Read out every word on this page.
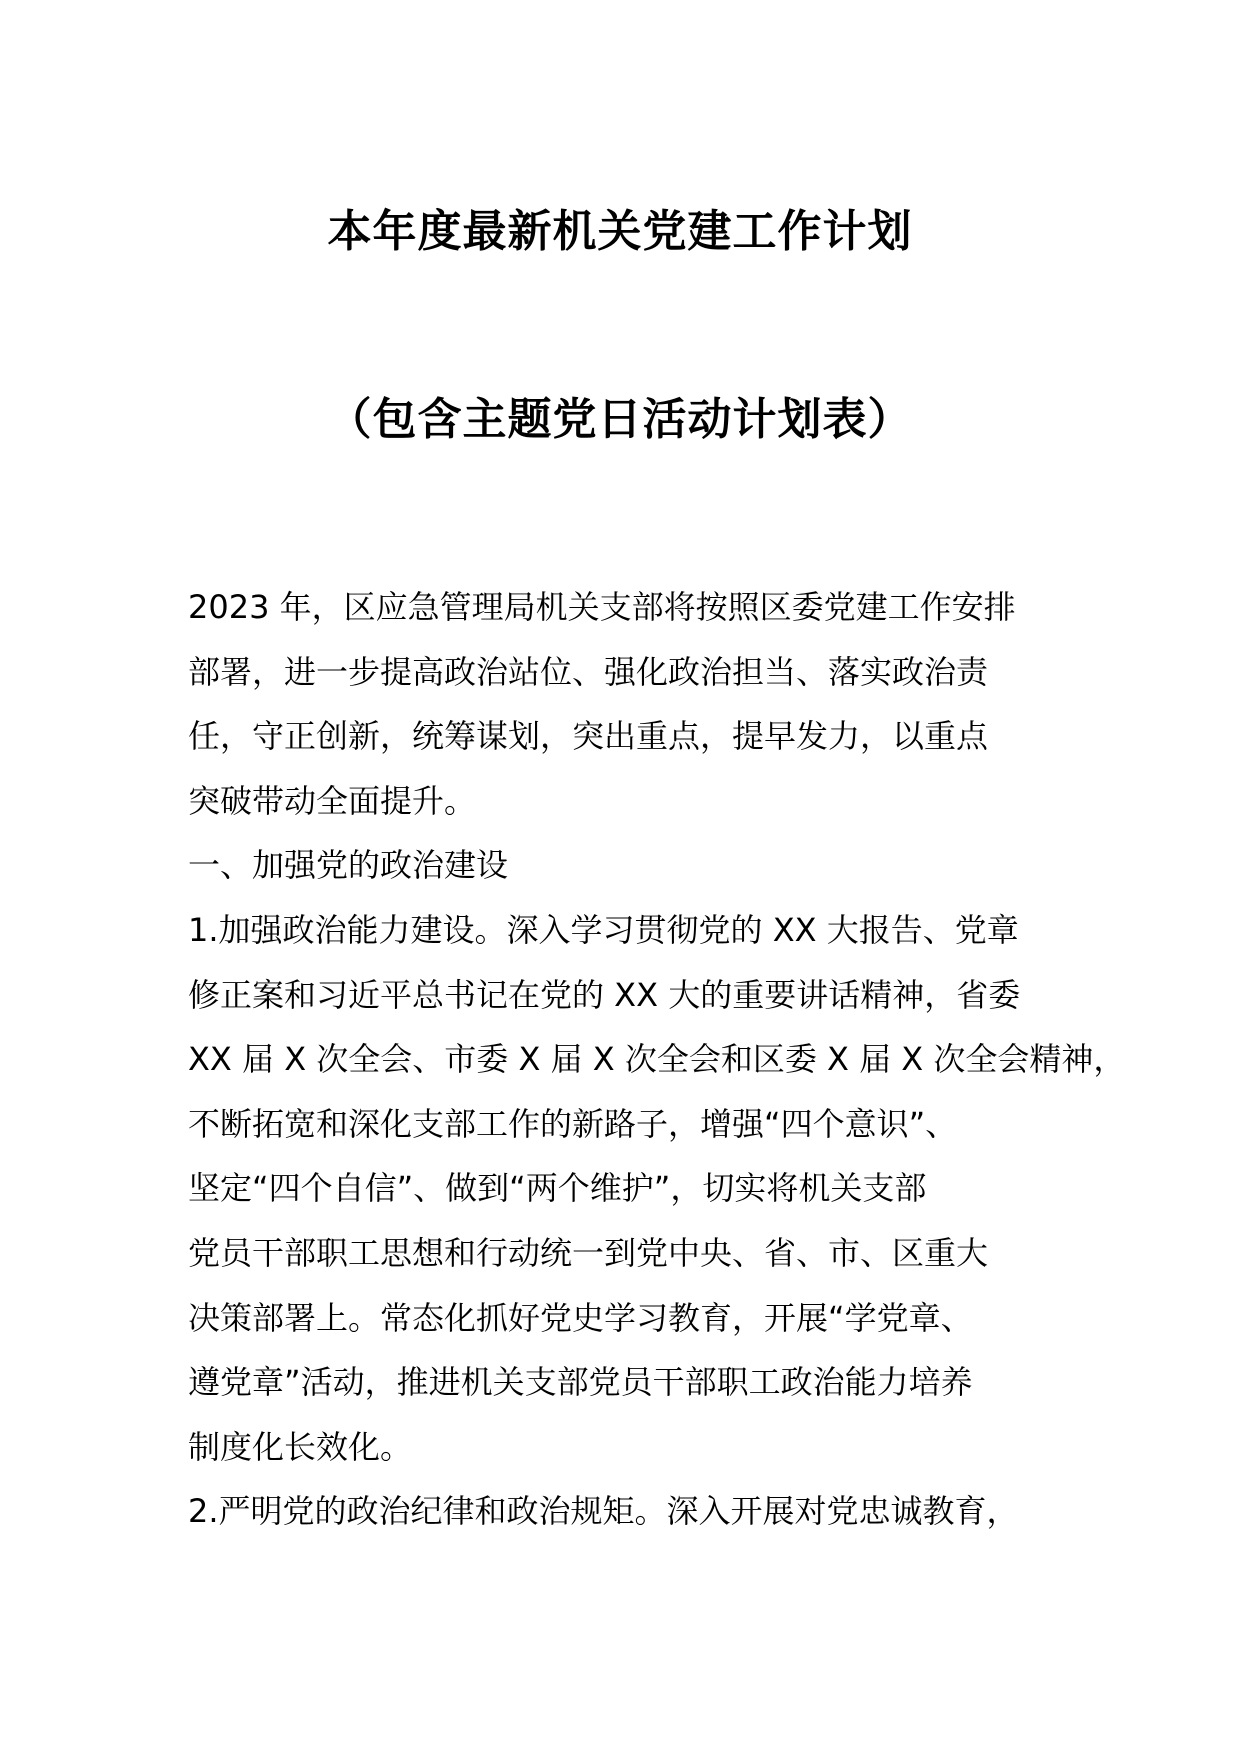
本年度最新机关党建工作计划
（包含主题党日活动计划表）
2023 年，区应急管理局机关支部将按照区委党建工作安排
部署，进一步提高政治站位、强化政治担当、落实政治责
任，守正创新，统筹谋划，突出重点，提早发力，以重点
突破带动全面提升。
一、加强党的政治建设
1.加强政治能力建设。深入学习贯彻党的 XX 大报告、党章
修正案和习近平总书记在党的 XX 大的重要讲话精神，省委
XX 届 X 次全会、市委 X 届 X 次全会和区委 X 届 X 次全会精神，
不断拓宽和深化支部工作的新路子，增强“四个意识”、
坚定“四个自信”、做到“两个维护”，切实将机关支部
党员干部职工思想和行动统一到党中央、省、市、区重大
决策部署上。常态化抓好党史学习教育，开展“学党章、
遵党章”活动，推进机关支部党员干部职工政治能力培养
制度化长效化。
2.严明党的政治纪律和政治规矩。深入开展对党忠诚教育，
